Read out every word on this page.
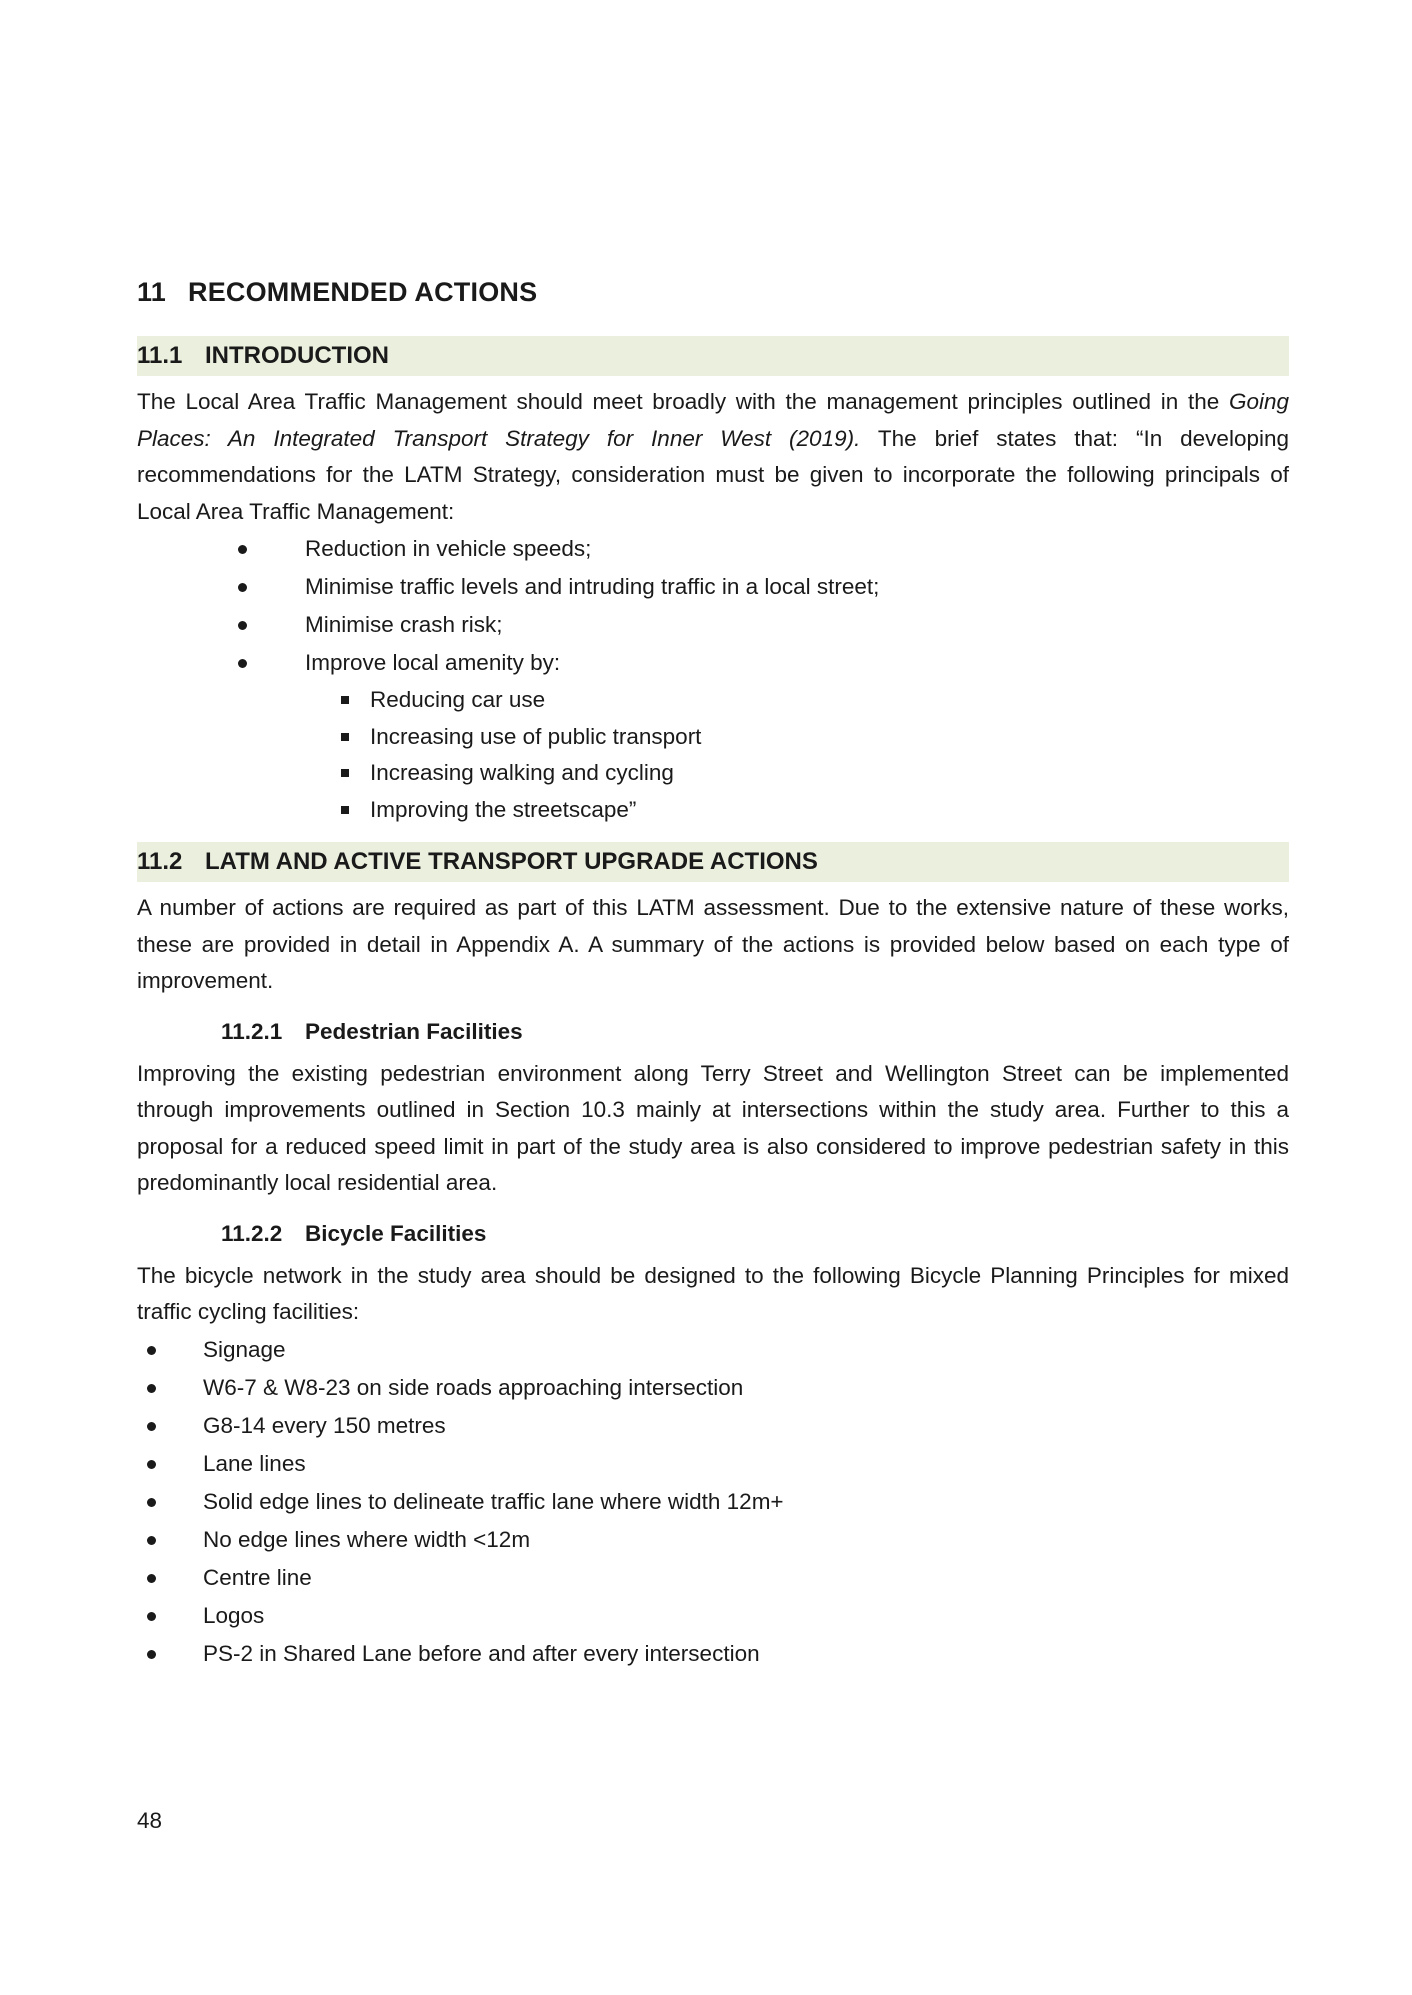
11 RECOMMENDED ACTIONS
11.1 INTRODUCTION

The Local Area Traffic Management should meet broadly with the management principles outlined in the Going Places: An Integrated Transport Strategy for Inner West (2019). The brief states that: “In developing recommendations for the LATM Strategy, consideration must be given to incorporate the following principals of Local Area Traffic Management:

Reduction in vehicle speeds;
Minimise traffic levels and intruding traffic in a local street;
Minimise crash risk;
Improve local amenity by:
Reducing car use
Increasing use of public transport
Increasing walking and cycling
Improving the streetscape”
11.2 LATM AND ACTIVE TRANSPORT UPGRADE ACTIONS

A number of actions are required as part of this LATM assessment. Due to the extensive nature of these works, these are provided in detail in Appendix A. A summary of the actions is provided below based on each type of improvement.

11.2.1 Pedestrian Facilities

Improving the existing pedestrian environment along Terry Street and Wellington Street can be implemented through improvements outlined in Section 10.3 mainly at intersections within the study area. Further to this a proposal for a reduced speed limit in part of the study area is also considered to improve pedestrian safety in this predominantly local residential area.

11.2.2 Bicycle Facilities

The bicycle network in the study area should be designed to the following Bicycle Planning Principles for mixed traffic cycling facilities:

Signage
W6-7 & W8-23 on side roads approaching intersection
G8-14 every 150 metres
Lane lines
Solid edge lines to delineate traffic lane where width 12m+
No edge lines where width <12m
Centre line
Logos
PS-2 in Shared Lane before and after every intersection
48
